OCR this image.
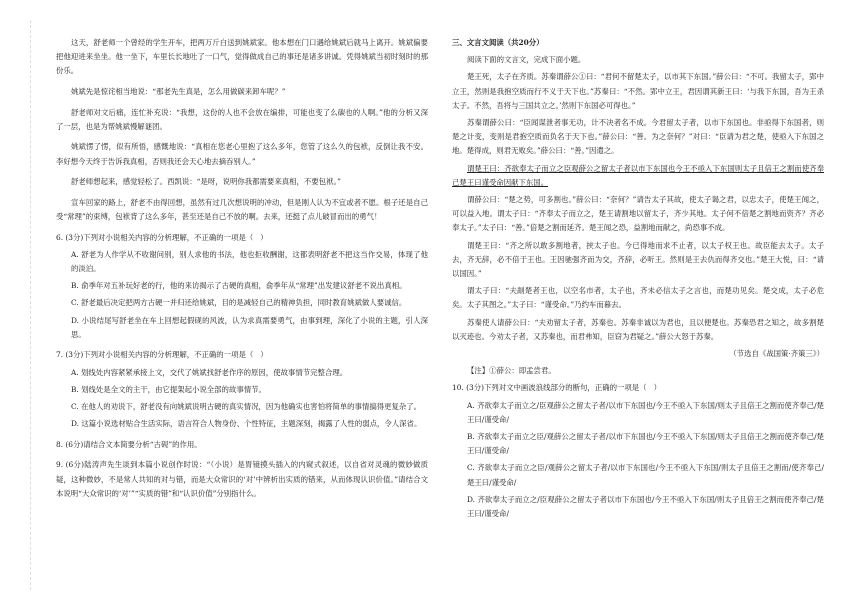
这天，舒老师一个曾经的学生开车，把两万斤白送到姚斌家。他本想在门口遇给姚斌后就马上离开。姚斌偏要把他迎进来坐坐。他一坐下，车里长长地吐了一口气，觉得做成自己的事还是诸多讲诚。凭得姚斌当初时刻时的那份乐。

姚斌先是惊诧相当地说：“那老先生真是，怎么用做碳来卸车呢？”

舒老师对文后痛，连忙补充说：“我想，这份的人也不会放在编排，可能也变了么碳也的人啊。”他的分析又深了一层，也是为帮姚斌慢解谜团。

姚斌愣了愣，似有所悟，感慨地说：“真相在您老心里抱了这么多年，您管了这么久的包袱，反倒让我不安。李好想今天终于告诉我真相，否则我还会天心地去摘吞别人。”

舒老师想起来，感觉轻松了。西凯说：“是呀，说明你我都需要来真相，不要包袱。”

宣车回家的路上，舒老不由得回想，虽然有过几次想说明的冲动，但是刚人认为不宜或者不愿。根子还是自己受“常理”的束缚，包袱背了这么多年，甚至还是自己不放的啊。去来，还挺了点儿破冒而出的勇气！

6. (3分)下列对小说相关内容的分析理解，不正确的一项是（   ）

A. 舒老为人作学从不收谢问别，别人求他的书法，他也拒收酬谢，这都表明舒老不把这当作交易，体现了他的淡泊。

B. 俞季年对五补玩好老的行，他的来访揭示了古硬的真相，俞季年从“常理”出发建议舒老不说出真相。

C. 舒老最后决定把两方古硬一并归还给姚斌，目的是减轻自己的精神负担，同时教育姚斌做人要诚信。

D. 小说结尾写舒老坐在车上回想起假砚的风波，认为求真需要勇气，由事到理，深化了小说的主题，引人深思。

7. (3分)下列对小说相关内容的分析理解，不正确的一项是（   ）

A. 划线处内容紧紧承接上文，交代了姚斌找舒老作序的原因，使故事情节完整合理。

B. 划线处是全文的主干，由它提架起小说全部的故事情节。

C. 在他人的劝说下，舒老没有向姚斌说明古硬的真实情况，因为他确实也害怕将简单的事情搞得更复杂了。

D. 这篇小说选材贴合生活实际，语言符合人物身份、个性特征，主题深刻，揭露了人性的弱点，令人深省。

8. (6分)请结合文本简要分析“古砚”的作用。

9. (6分)陆涛声先生谈到本篇小说创作时说：“（小说）是胃镜摸头插入的内窥式叙述，以自省对灵魂的微妙做质疑，这种微妙，不是常人共知的对与错，而是大众常识的‘对’中辨析出实质的错来，从而体现认识价值。”请结合文本说明“大众常识的‘对’”“实质的错”和“认识价值”分别指什么。

三、文言文阅读（共20分）

阅读下面的文言文，完成下面小题。

楚王死，太子在齐质。苏秦谓薛公①曰：“君何不留楚太子，以市其下东国。”薛公曰：“不可。我留太子，郢中立王，然则是我抱空质而行不义于天下也。”苏秦曰：“不然。郢中立王，君因谓其新王曰：‘与我下东国，吾为王杀太子。不然，吾将与三国共立之。’然则下东国必可得也。”

苏秦谓薛公曰：“臣闻谋泄者事无功，计不决者名不成。今君留太子者，以市下东国也。非亟得下东国者，则楚之计变，变则是君抱空质而负名于天下也。”薛公曰：“善。为之奈何？”对曰：“臣请为君之楚，使亟入下东国之地。楚得成，则君无败矣。”薛公曰：“善。”因遣之。

谓楚王曰：齐欲奉太子而立之臣观薛公之留太子者以市下东国也今王不亟入下东国则太子且倍王之割而使齐奉己楚王曰谨受命因献下东国。

谓薛公曰：“楚之势，可多割也。”薛公曰：“奈何？”请告太子其故，使太子谒之君，以忠太子，使楚王闻之，可以益入地。谓太子曰：“齐奉太子而立之，楚王请割地以留太子，齐少其地。太子何不倍楚之割地而资齐？齐必奉太子。”太子曰：“善。”倍楚之割而延齐。楚王闻之恐，益割地而献之，尚恐事不成。

谓楚王曰：“齐之所以敢多割地者，挟太子也。今已得地而求不止者，以太子权王也。故臣能去太子。太子去，齐无辞，必不倍于王也。王因驰强齐而为交，齐辞，必听王。然则是王去仇而得齐交也。”楚王大悦，曰：“请以国因。”

谓太子曰：“夫剬楚者王也，以空名市者，太子也，齐未必信太子之言也，而楚功见矣。楚交成，太子必危矣。太子其图之。”太子曰：“谨受命。”乃约车而暮去。

苏秦使人请薛公曰：“夫劝留太子者，苏秦也。苏秦非诚以为君也，且以便楚也。苏秦恐君之知之，故多割楚以灭迹也。今劝太子者，又苏秦也，而君弗知，臣窃为君疑之。”薛公大怒于苏秦。

（节选自《战国策·齐策三》）

【注】①薛公：即孟尝君。

10. (3分)下列对文中画波浪线部分的断句，正确的一项是（   ）

A. 齐欲奉太子而立之/臣观薛公之留太子者/以市下东国也/今王不亟入下东国/则太子且倍王之割而使齐奉己/楚王曰/谨受命/

B. 齐欲奉太子而立之臣/观薛公之留太子者/以市下东国也/今王不亟入下东国/则太子且倍王之割而使齐奉己/楚王曰/谨受命/

C. 齐欲奉太子而立之臣/观薛公之留太子者/以市下东国也/今王不亟入下东国/则太子且倍王之割而/使齐奉己/楚王曰/谨受命/

D. 齐欲奉太子而立之/臣观薛公之留太子者以市下东国也/今王不亟入下东国/则太子且倍王之割而使齐奉己/楚王曰/谨受命/
